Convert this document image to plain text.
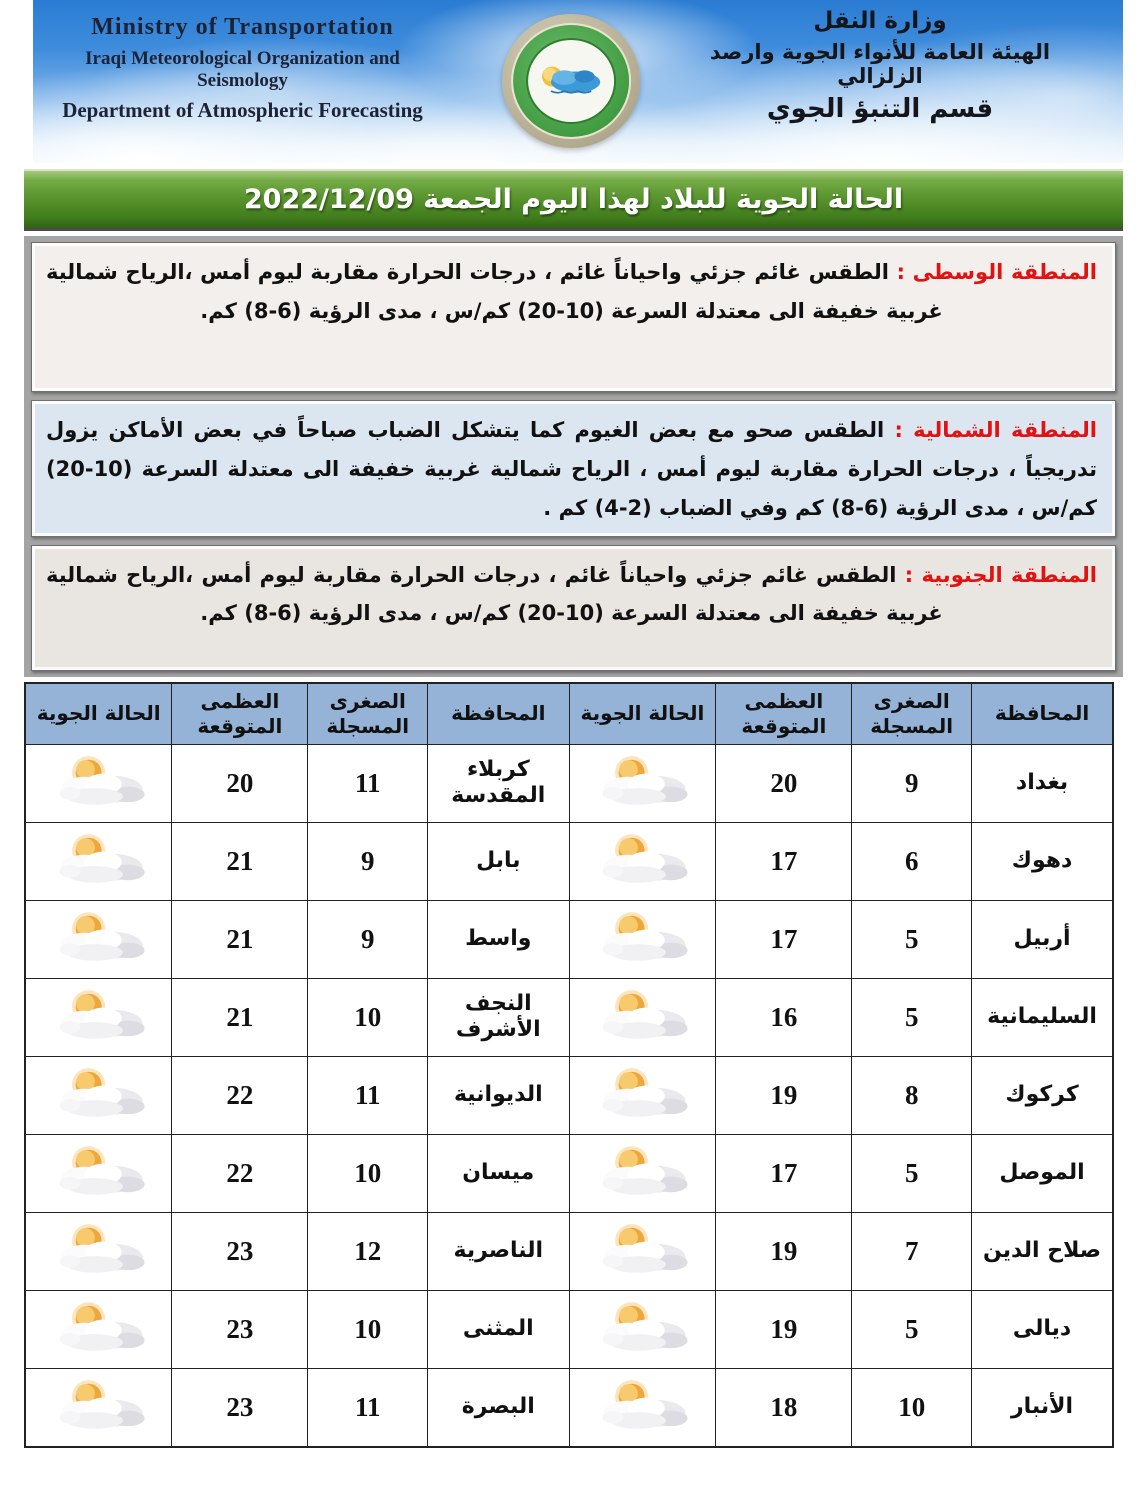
Ministry of Transportation
Iraqi Meteorological Organization and Seismology
Department of Atmospheric Forecasting
وزارة النقل
الهيئة العامة للأنواء الجوية وارصد الزلزالي
قسم التنبؤ الجوي
الحالة الجوية للبلاد لهذا اليوم الجمعة 2022/12/09

المنطقة الوسطى : الطقس غائم جزئي واحياناً غائم ، درجات الحرارة مقاربة ليوم أمس ،الرياح شمالية غربية خفيفة الى معتدلة السرعة (10-20) كم/س ، مدى الرؤية (6-8) كم.

المنطقة الشمالية : الطقس صحو مع بعض الغيوم كما يتشكل الضباب صباحاً في بعض الأماكن يزول تدريجياً ، درجات الحرارة مقاربة ليوم أمس ، الرياح شمالية غربية خفيفة الى معتدلة السرعة (10-20) كم/س ، مدى الرؤية (6-8) كم وفي الضباب (2-4) كم .

المنطقة الجنوبية : الطقس غائم جزئي واحياناً غائم ، درجات الحرارة مقاربة ليوم أمس ،الرياح شمالية غربية خفيفة الى معتدلة السرعة (10-20) كم/س ، مدى الرؤية (6-8) كم.

المحافظة	الصغرى المسجلة	العظمى المتوقعة	الحالة الجوية	المحافظة	الصغرى المسجلة	العظمى المتوقعة	الحالة الجوية
بغداد	9	20		كربلاء المقدسة	11	20	

دهوك	6	17		بابل	9	21	

أربيل	5	17		واسط	9	21	

السليمانية	5	16		النجف الأشرف	10	21	

كركوك	8	19		الديوانية	11	22	

الموصل	5	17		ميسان	10	22	

صلاح الدين	7	19		الناصرية	12	23	

ديالى	5	19		المثنى	10	23	

الأنبار	10	18		البصرة	11	23	
